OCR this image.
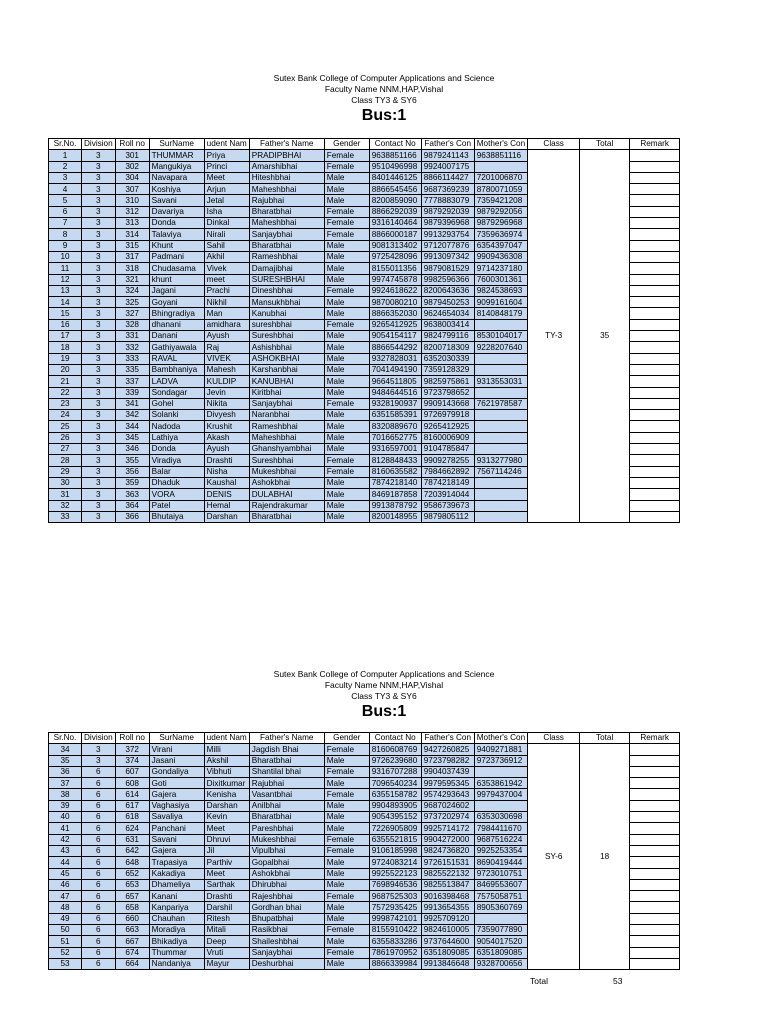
Sutex Bank College of Computer Applications and Science
Faculty Name NNM,HAP,Vishal
Class TY3 & SY6
Bus:1
Sr.No.	Division	Roll no	SurName	udent Nam	Father's Name	Gender	Contact No	Father's Con	Mother's Con	Class	Total	Remark
1	3	301	THUMMAR	Priya	PRADIPBHAI	Female	9638851166	9879241143	9638851116	TY-3	35	
2	3	302	Mangukiya	Princi	Amarshibhai	Female	9510496998	9924007175				
3	3	304	Navapara	Meet	Hiteshbhai	Male	8401446125	8866114427	7201006870			
4	3	307	Koshiya	Arjun	Maheshbhai	Male	8866545456	9687369239	8780071059			
5	3	310	Savani	Jetal	Rajubhai	Male	8200859090	7778883079	7359421208			
6	3	312	Davariya	Isha	Bharatbhai	Female	8866292039	9879292039	9879292056			
7	3	313	Donda	Dinkal	Maheshbhai	Female	9316140464	9879396968	9879296968			
8	3	314	Talaviya	Nirali	Sanjaybhai	Female	8866000187	9913293754	7359636974			
9	3	315	Khunt	Sahil	Bharatbhai	Male	9081313402	9712077876	6354397047			
10	3	317	Padmani	Akhil	Rameshbhai	Male	9725428096	9913097342	9909436308			
11	3	318	Chudasama	Vivek	Damajibhai	Male	8155011356	9879081529	9714237180			
12	3	321	khunt	meet	SURESHBHAI	Male	9974745878	9982596366	7600301361			
13	3	324	Jagani	Prachi	Dineshbhai	Female	9924618622	8200643636	9824538693			
14	3	325	Goyani	Nikhil	Mansukhbhai	Male	9870080210	9879450253	9099161604			
15	3	327	Bhingradiya	Man	Kanubhai	Male	8866352030	9624654034	8140848179			
16	3	328	dhanani	amidhara	sureshbhai	Female	9265412925	9638003414				
17	3	331	Danani	Ayush	Sureshbhai	Male	9054154117	9824799116	8530104017			
18	3	332	Gathiyawala	Raj	Ashishbhai	Male	8866544292	8200718309	9228207640			
19	3	333	RAVAL	VIVEK	ASHOKBHAI	Male	9327828031	6352030339				
20	3	335	Bambhaniya	Mahesh	Karshanbhai	Male	7041494190	7359128329				
21	3	337	LADVA	KULDIP	KANUBHAI	Male	9664511805	9825975861	9313553031			
22	3	339	Sondagar	Jevin	Kiritbhai	Male	9484644516	9723798652				
23	3	341	Gohel	Nikita	Sanjaybhai	Female	9328190937	9909143668	7621978587			
24	3	342	Solanki	Divyesh	Naranbhai	Male	6351585391	9726979918				
25	3	344	Nadoda	Krushit	Rameshbhai	Male	8320889670	9265412925				
26	3	345	Lathiya	Akash	Maheshbhai	Male	7016652775	8160006909				
27	3	346	Donda	Ayush	Ghanshyambhai	Male	9316597001	9104785847				
28	3	355	Viradiya	Drashti	Sureshbhai	Female	8128848433	9909278255	9313277980			
29	3	356	Balar	Nisha	Mukeshbhai	Female	8160635582	7984662892	7567114246			
30	3	359	Dhaduk	Kaushal	Ashokbhai	Male	7874218140	7874218149				
31	3	363	VORA	DENIS	DULABHAI	Male	8469187858	7203914044				
32	3	364	Patel	Hemal	Rajendrakumar	Male	9913878792	9586739673				
33	3	366	Bhutaiya	Darshan	Bharatbhai	Male	8200148955	9879805112				
Sutex Bank College of Computer Applications and Science
Faculty Name NNM,HAP,Vishal
Class TY3 & SY6
Bus:1
Sr.No.	Division	Roll no	SurName	udent Nam	Father's Name	Gender	Contact No	Father's Con	Mother's Con	Class	Total	Remark
34	3	372	Virani	Milli	Jagdish Bhai	Female	8160608769	9427260825	9409271881	SY-6	18	
35	3	374	Jasani	Akshil	Bharatbhai	Male	9726239680	9723798282	9723736912			
36	6	607	Gondaliya	Vibhuti	Shantilal bhai	Female	9316707288	9904037439				
37	6	608	Goti	Dixitkumar	Rajubhai	Male	7096540234	9979595345	6353861942			
38	6	614	Gajera	Kenisha	Vasantbhai	Female	6355158782	9574293643	9979437004			
39	6	617	Vaghasiya	Darshan	Anilbhai	Male	9904893905	9687024602				
40	6	618	Savaliya	Kevin	Bharatbhai	Male	9054395152	9737202974	6353030698			
41	6	624	Panchani	Meet	Pareshbhai	Male	7226905809	9925714172	7984411670			
42	6	631	Savani	Dhruvi	Mukeshbhai	Female	6355521815	9904272000	9687516224			
43	6	642	Gajera	Jil	Vipulbhai	Female	9106185998	9824736820	9925253354			
44	6	648	Trapasiya	Parthiv	Gopalbhai	Male	9724083214	9726151531	8690419444			
45	6	652	Kakadiya	Meet	Ashokbhai	Male	9925522123	9825522132	9723010751			
46	6	653	Dhameliya	Sarthak	Dhirubhai	Male	7698946536	9825513847	8469553607			
47	6	657	Kanani	Drashti	Rajeshbhai	Female	9687525303	9016398468	7575058751			
48	6	658	Kanpariya	Darshil	Gordhan bhai	Male	7572935425	9913654355	8905360769			
49	6	660	Chauhan	Ritesh	Bhupatbhai	Male	9998742101	9925709120				
50	6	663	Moradiya	Mitali	Rasikbhai	Female	8155910422	9824610005	7359077890			
51	6	667	Bhikadiya	Deep	Shaileshbhai	Male	6355833286	9737644600	9054017520			
52	6	674	Thummar	Vruti	Sanjaybhai	Female	7861970952	6351809085	6351809085			
53	6	664	Nandaniya	Mayur	Deshurbhai	Male	8866339984	9913846648	9328700656			
Total	53
